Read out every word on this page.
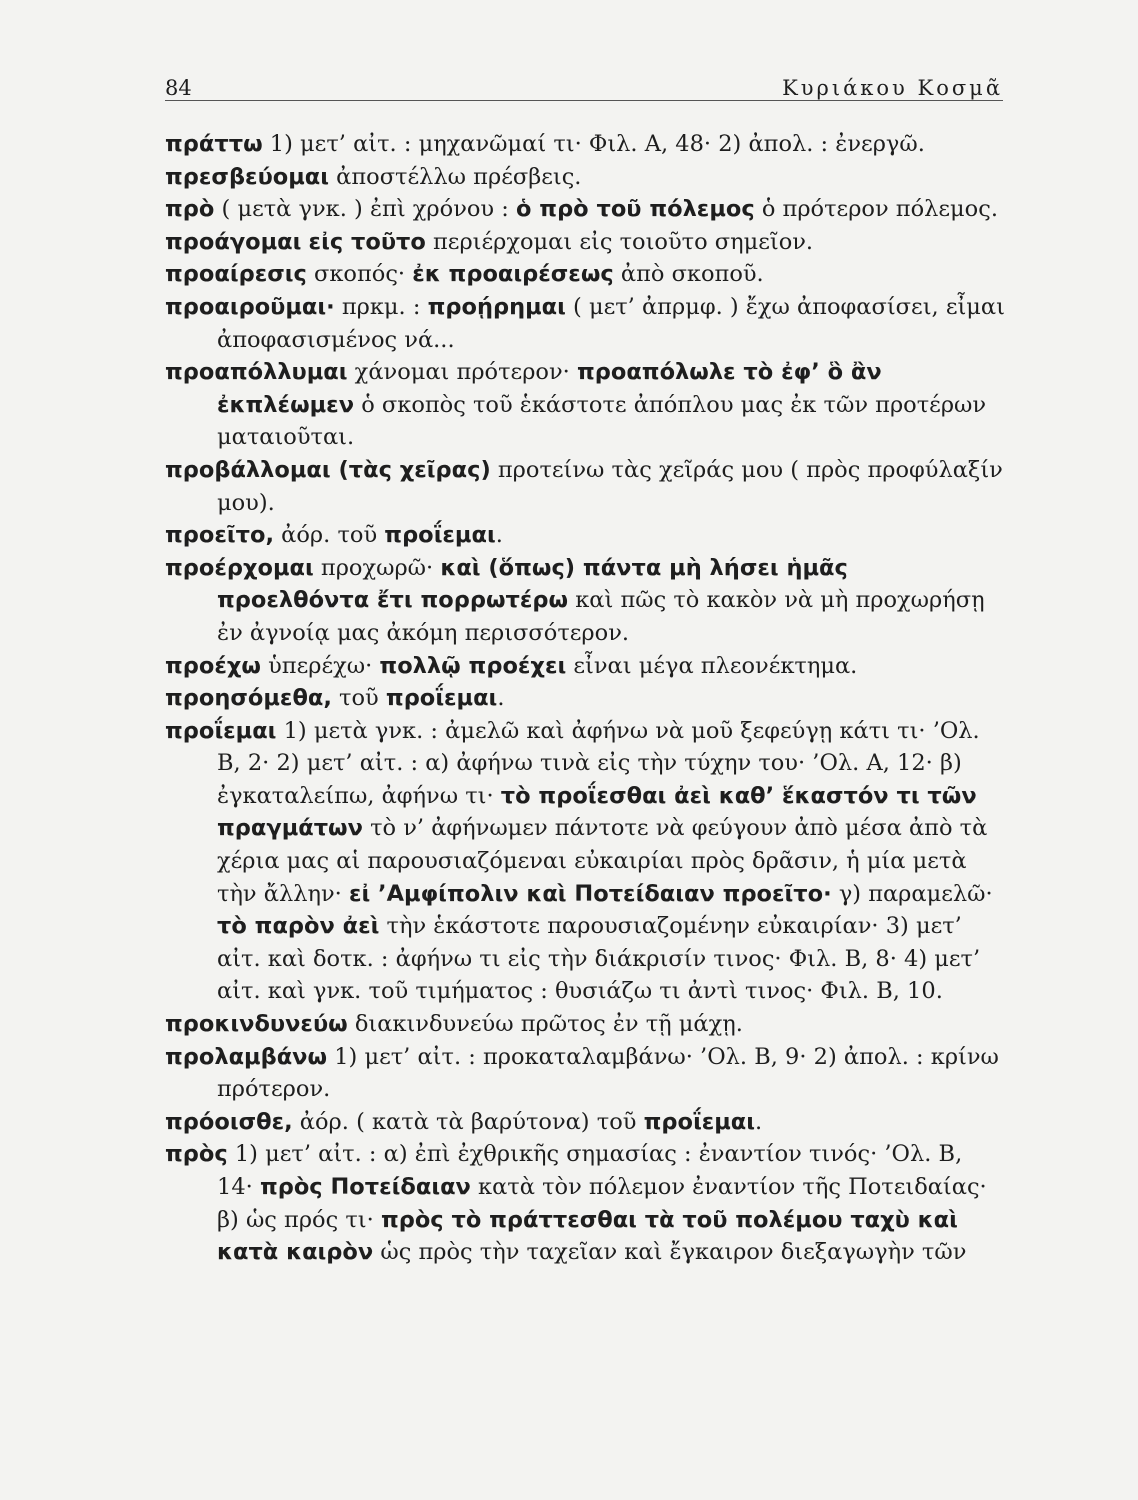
84	Κυριάκου Κοσμᾶ
πράττω 1) μετ’ αἰτ. : μηχανῶμαί τι· Φιλ. Α, 48· 2) ἀπολ. : ἐνεργῶ.
πρεσβεύομαι ἀποστέλλω πρέσβεις.
πρὸ ( μετὰ γνκ. ) ἐπὶ χρόνου : ὁ πρὸ τοῦ πόλεμος ὁ πρότερον πόλεμος.
προάγομαι εἰς τοῦτο περιέρχομαι εἰς τοιοῦτο σημεῖον.
προαίρεσις σκοπός· ἐκ προαιρέσεως ἀπὸ σκοποῦ.
προαιροῦμαι· πρκμ. : προῄρημαι ( μετ’ ἀπρμφ. ) ἔχω ἀποφασίσει, εἶμαι ἀποφασισμένος νά...
προαπόλλυμαι χάνομαι πρότερον· προαπόλωλε τὸ ἐφ’ ὃ ἂν ἐκπλέωμεν ὁ σκοπὸς τοῦ ἑκάστοτε ἀπόπλου μας ἐκ τῶν προτέρων ματαιοῦται.
προβάλλομαι (τὰς χεῖρας) προτείνω τὰς χεῖράς μου ( πρὸς προφύλαξίν μου).
προεῖτο, ἀόρ. τοῦ προΐεμαι.
προέρχομαι προχωρῶ· καὶ (ὅπως) πάντα μὴ λήσει ἡμᾶς προελθόντα ἔτι πορρωτέρω καὶ πῶς τὸ κακὸν νὰ μὴ προχωρήσῃ ἐν ἀγνοίᾳ μας ἀκόμη περισσότερον.
προέχω ὑπερέχω· πολλῷ προέχει εἶναι μέγα πλεονέκτημα.
προησόμεθα, τοῦ προΐεμαι.
προΐεμαι 1) μετὰ γνκ. : ἀμελῶ καὶ ἀφήνω νὰ μοῦ ξεφεύγῃ κάτι τι· ’Ολ. Β, 2· 2) μετ’ αἰτ. : α) ἀφήνω τινὰ εἰς τὴν τύχην του· ’Ολ. Α, 12· β) ἐγκαταλείπω, ἀφήνω τι· τὸ προΐεσθαι ἀεὶ καθ’ ἕκαστόν τι τῶν πραγμάτων τὸ ν’ ἀφήνωμεν πάντοτε νὰ φεύγουν ἀπὸ μέσα ἀπὸ τὰ χέρια μας αἱ παρουσιαζόμεναι εὐκαιρίαι πρὸς δρᾶσιν, ἡ μία μετὰ τὴν ἄλλην· εἰ ’Αμφίπολιν καὶ Ποτείδαιαν προεῖτο· γ) παραμελῶ· τὸ παρὸν ἀεὶ τὴν ἑκάστοτε παρουσιαζομένην εὐκαιρίαν· 3) μετ’ αἰτ. καὶ δοτκ. : ἀφήνω τι εἰς τὴν διάκρισίν τινος· Φιλ. Β, 8· 4) μετ’ αἰτ. καὶ γνκ. τοῦ τιμήματος : θυσιάζω τι ἀντὶ τινος· Φιλ. Β, 10.
προκινδυνεύω διακινδυνεύω πρῶτος ἐν τῇ μάχῃ.
προλαμβάνω 1) μετ’ αἰτ. : προκαταλαμβάνω· ’Ολ. Β, 9· 2) ἀπολ. : κρίνω πρότερον.
πρόοισθε, ἀόρ. ( κατὰ τὰ βαρύτονα) τοῦ προΐεμαι.
πρὸς 1) μετ’ αἰτ. : α) ἐπὶ ἐχθρικῆς σημασίας : ἐναντίον τινός· ’Ολ. Β, 14· πρὸς Ποτείδαιαν κατὰ τὸν πόλεμον ἐναντίον τῆς Ποτειδαίας· β) ὡς πρός τι· πρὸς τὸ πράττεσθαι τὰ τοῦ πολέμου ταχὺ καὶ κατὰ καιρὸν ὡς πρὸς τὴν ταχεῖαν καὶ ἔγκαιρον διεξαγωγὴν τῶν
